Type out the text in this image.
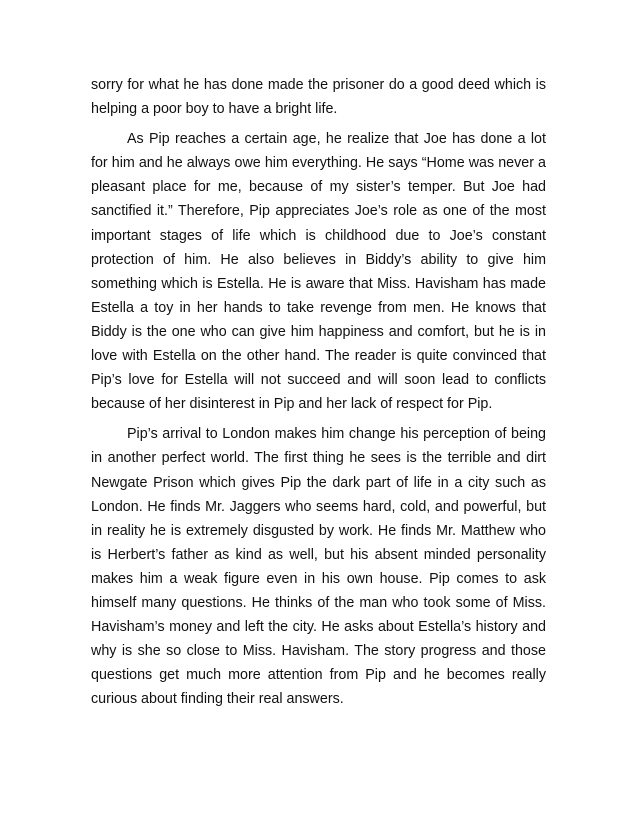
sorry for what he has done made the prisoner do a good deed which is helping a poor boy to have a bright life.

As Pip reaches a certain age, he realize that Joe has done a lot for him and he always owe him everything. He says “Home was never a pleasant place for me, because of my sister’s temper. But Joe had sanctified it.” Therefore, Pip appreciates Joe’s role as one of the most important stages of life which is childhood due to Joe’s constant protection of him. He also believes in Biddy’s ability to give him something which is Estella. He is aware that Miss. Havisham has made Estella a toy in her hands to take revenge from men. He knows that Biddy is the one who can give him happiness and comfort, but he is in love with Estella on the other hand. The reader is quite convinced that Pip’s love for Estella will not succeed and will soon lead to conflicts because of her disinterest in Pip and her lack of respect for Pip.

Pip’s arrival to London makes him change his perception of being in another perfect world. The first thing he sees is the terrible and dirt Newgate Prison which gives Pip the dark part of life in a city such as London. He finds Mr. Jaggers who seems hard, cold, and powerful, but in reality he is extremely disgusted by work. He finds Mr. Matthew who is Herbert’s father as kind as well, but his absent minded personality makes him a weak figure even in his own house. Pip comes to ask himself many questions. He thinks of the man who took some of Miss. Havisham’s money and left the city. He asks about Estella’s history and why is she so close to Miss. Havisham. The story progress and those questions get much more attention from Pip and he becomes really curious about finding their real answers.
